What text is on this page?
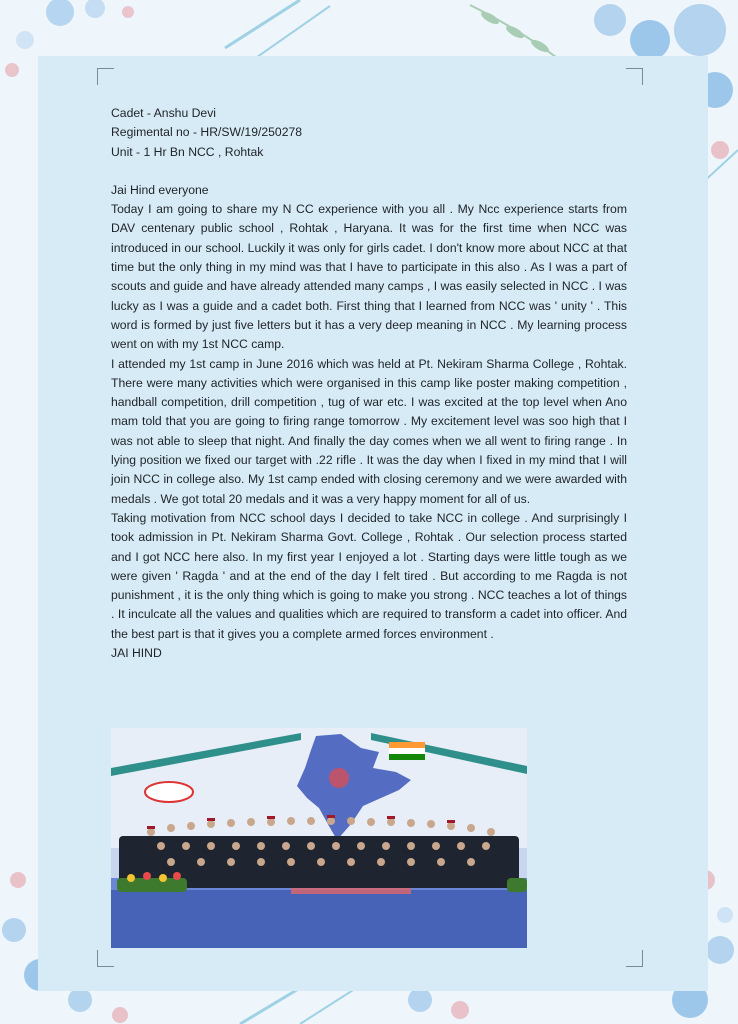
Cadet - Anshu Devi

Regimental no - HR/SW/19/250278

Unit - 1 Hr Bn NCC , Rohtak

Jai Hind everyone

Today I am going to share my N CC experience with you all . My Ncc experience starts from DAV centenary public school , Rohtak , Haryana. It was for the first time when NCC was introduced in our school. Luckily it was only for girls cadet. I don't know more about NCC at that time but the only thing in my mind was that I have to participate in this also . As I was a part of scouts and guide and have already attended many camps , I was easily selected in NCC . I was lucky as I was a guide and a cadet both. First thing that I learned from NCC was ' unity ' . This word is formed by just five letters but it has a very deep meaning in NCC . My learning process went on with my 1st NCC camp.

I attended my 1st camp in June 2016 which was held at Pt. Nekiram Sharma College , Rohtak. There were many activities which were organised in this camp like poster making competition , handball competition, drill competition , tug of war etc. I was excited at the top level when Ano mam told that you are going to firing range tomorrow . My excitement level was soo high that I was not able to sleep that night. And finally the day comes when we all went to firing range . In lying position we fixed our target with .22 rifle . It was the day when I fixed in my mind that I will join NCC in college also. My 1st camp ended with closing ceremony and we were awarded with medals . We got total 20 medals and it was a very happy moment for all of us.

Taking motivation from NCC school days I decided to take NCC in college . And surprisingly I took admission in Pt. Nekiram Sharma Govt. College , Rohtak . Our selection process started and I got NCC here also. In my first year I enjoyed a lot . Starting days were little tough as we were given ' Ragda ' and at the end of the day I felt tired . But according to me Ragda is not punishment , it is the only thing which is going to make you strong . NCC teaches a lot of things . It inculcate all the values and qualities which are required to transform a cadet into officer. And the best part is that it gives you a complete armed forces environment .

JAI HIND
